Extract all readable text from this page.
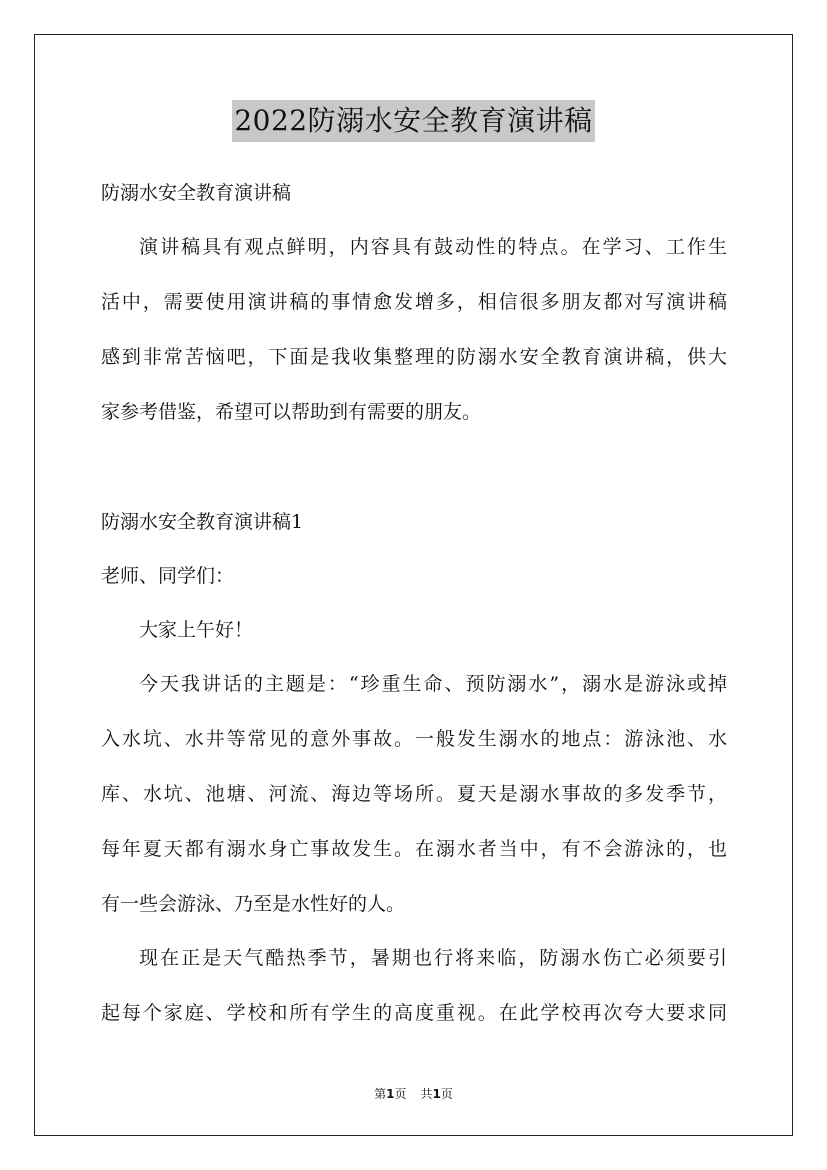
2022防溺水安全教育演讲稿
防溺水安全教育演讲稿
演讲稿具有观点鲜明，内容具有鼓动性的特点。在学习、工作生
活中，需要使用演讲稿的事情愈发增多，相信很多朋友都对写演讲稿
感到非常苦恼吧，下面是我收集整理的防溺水安全教育演讲稿，供大
家参考借鉴，希望可以帮助到有需要的朋友。
防溺水安全教育演讲稿1
老师、同学们：
大家上午好！
今天我讲话的主题是：“珍重生命、预防溺水”，溺水是游泳或掉
入水坑、水井等常见的意外事故。一般发生溺水的地点：游泳池、水
库、水坑、池塘、河流、海边等场所。夏天是溺水事故的多发季节，
每年夏天都有溺水身亡事故发生。在溺水者当中，有不会游泳的，也
有一些会游泳、乃至是水性好的人。
现在正是天气酷热季节，暑期也行将来临，防溺水伤亡必须要引
起每个家庭、学校和所有学生的高度重视。在此学校再次夸大要求同
第1页 共1页
